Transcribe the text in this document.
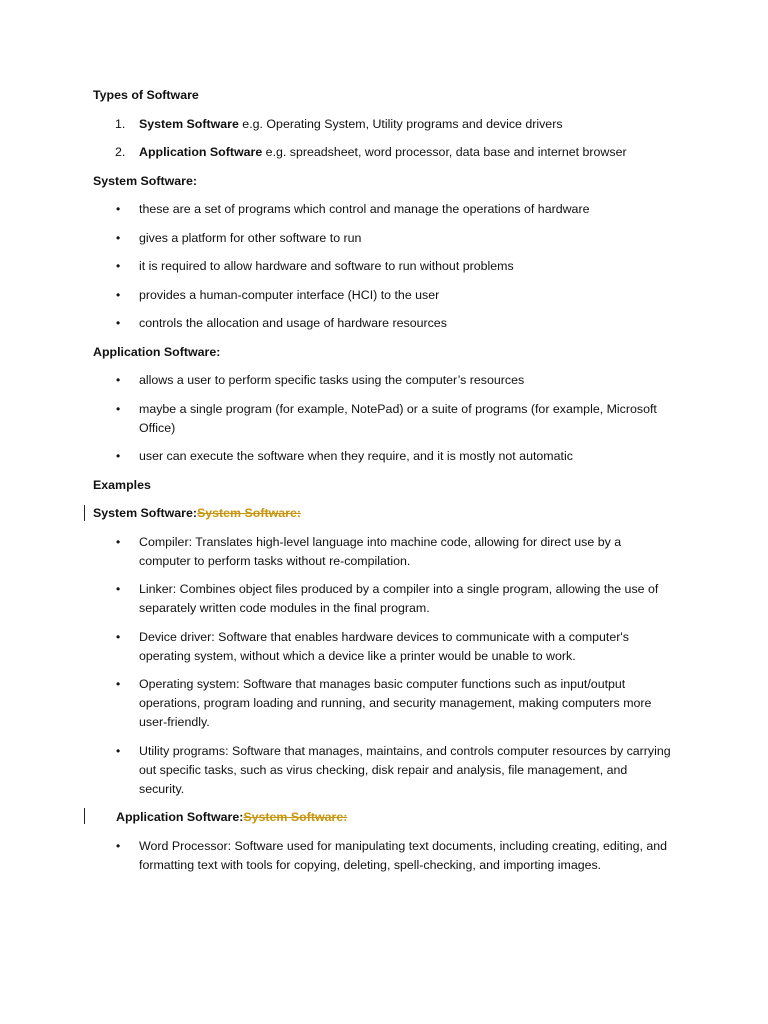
Types of Software

1.	System Software e.g. Operating System, Utility programs and device drivers
2.	Application Software e.g. spreadsheet, word processor, data base and internet browser

System Software:

•	these are a set of programs which control and manage the operations of hardware
•	gives a platform for other software to run
•	it is required to allow hardware and software to run without problems
•	provides a human-computer interface (HCI) to the user
•	controls the allocation and usage of hardware resources

Application Software:

•	allows a user to perform specific tasks using the computer’s resources
•	maybe a single program (for example, NotePad) or a suite of programs (for example, Microsoft Office)
•	user can execute the software when they require, and it is mostly not automatic

Examples

System Software:System Software:

•	Compiler: Translates high-level language into machine code, allowing for direct use by a computer to perform tasks without re-compilation.
•	Linker: Combines object files produced by a compiler into a single program, allowing the use of separately written code modules in the final program.
•	Device driver: Software that enables hardware devices to communicate with a computer's operating system, without which a device like a printer would be unable to work.
•	Operating system: Software that manages basic computer functions such as input/output operations, program loading and running, and security management, making computers more user-friendly.
•	Utility programs: Software that manages, maintains, and controls computer resources by carrying out specific tasks, such as virus checking, disk repair and analysis, file management, and security.

Application Software:System Software:

•	Word Processor: Software used for manipulating text documents, including creating, editing, and formatting text with tools for copying, deleting, spell-checking, and importing images.
